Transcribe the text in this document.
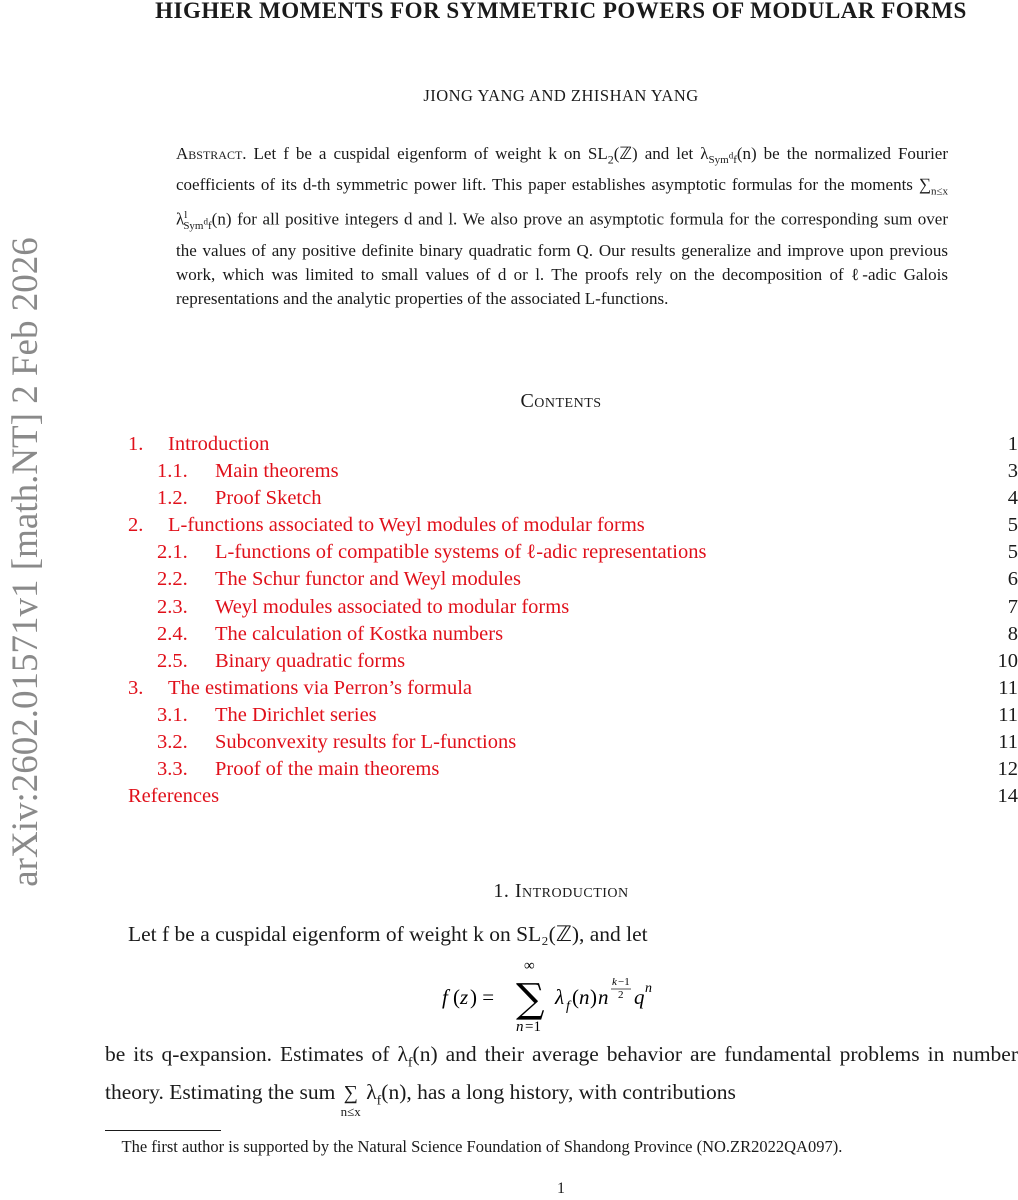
arXiv:2602.01571v1 [math.NT] 2 Feb 2026
HIGHER MOMENTS FOR SYMMETRIC POWERS OF MODULAR FORMS
JIONG YANG AND ZHISHAN YANG
Abstract. Let f be a cuspidal eigenform of weight k on $SL_2(ℤ)$ and let $\lambda_{Sym^df}(n)$ be the normalized Fourier coefficients of its d-th symmetric power lift. This paper establishes asymptotic formulas for the moments $\sum_{n\le x}$ $\lambda^l_{Sym^df}(n)$ for all positive integers d and l. We also prove an asymptotic formula for the corresponding sum over the values of any positive definite binary quadratic form Q. Our results generalize and improve upon previous work, which was limited to small values of d or l. The proofs rely on the decomposition of ℓ-adic Galois representations and the analytic properties of the associated L-functions.
Contents
1. Introduction	1
1.1. Main theorems	3
1.2. Proof Sketch	4
2. L-functions associated to Weyl modules of modular forms	5
2.1. L-functions of compatible systems of ℓ-adic representations	5
2.2. The Schur functor and Weyl modules	6
2.3. Weyl modules associated to modular forms	7
2.4. The calculation of Kostka numbers	8
2.5. Binary quadratic forms	10
3. The estimations via Perron’s formula	11
3.1. The Dirichlet series	11
3.2. Subconvexity results for L-functions	11
3.3. Proof of the main theorems	12
References	14
1. Introduction
Let f be a cuspidal eigenform of weight k on SL₂(ℤ), and let
f ( z ) =
∞
∑
n =1
λ f ( n ) n
k −1
2 q n
be its q-expansion. Estimates of $\lambda_f(n)$ and their average behavior are fundamental problems in number theory. Estimating the sum ∑
n≤x $\lambda_f(n)$, has a long history, with contributions
 The first author is supported by the Natural Science Foundation of Shandong Province (NO.ZR2022QA097).
1
